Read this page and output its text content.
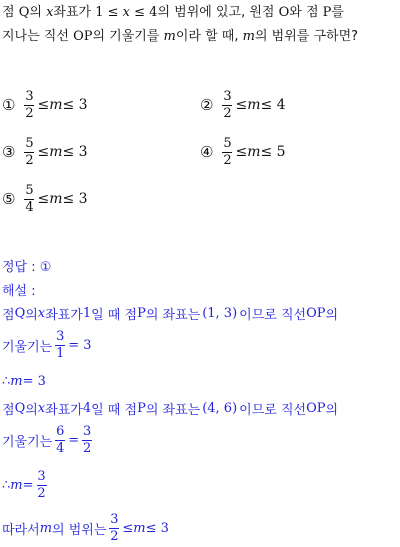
점 Q의 x좌표가 1 ≤ x ≤ 4의 범위에 있고, 원점 O와 점 P를
지나는 직선 OP의 기울기를 m이라 할 때, m의 범위를 구하면?
① $\frac{3}{2} \le m \le 3$	② $\frac{3}{2} \le m \le 4$
③ $\frac{5}{2} \le m \le 3$	④ $\frac{5}{2} \le m \le 5$
⑤ $\frac{5}{4} \le m \le 3$
정답 : ①
해설 :
점 Q 의 x 좌표가 1 일 때 점 P 의 좌표는 (1, 3) 이므로 직선 OP 의
기울기는 $\frac{3}{1} = 3$
∴ m = 3
점 Q 의 x 좌표가 4 일 때 점 P 의 좌표는 (4, 6) 이므로 직선 OP 의
기울기는 $\frac{6}{4} = \frac{3}{2}$
∴ $m = \frac{3}{2}$
따라서 m 의 범위는 $\frac{3}{2} \le m \le 3$
